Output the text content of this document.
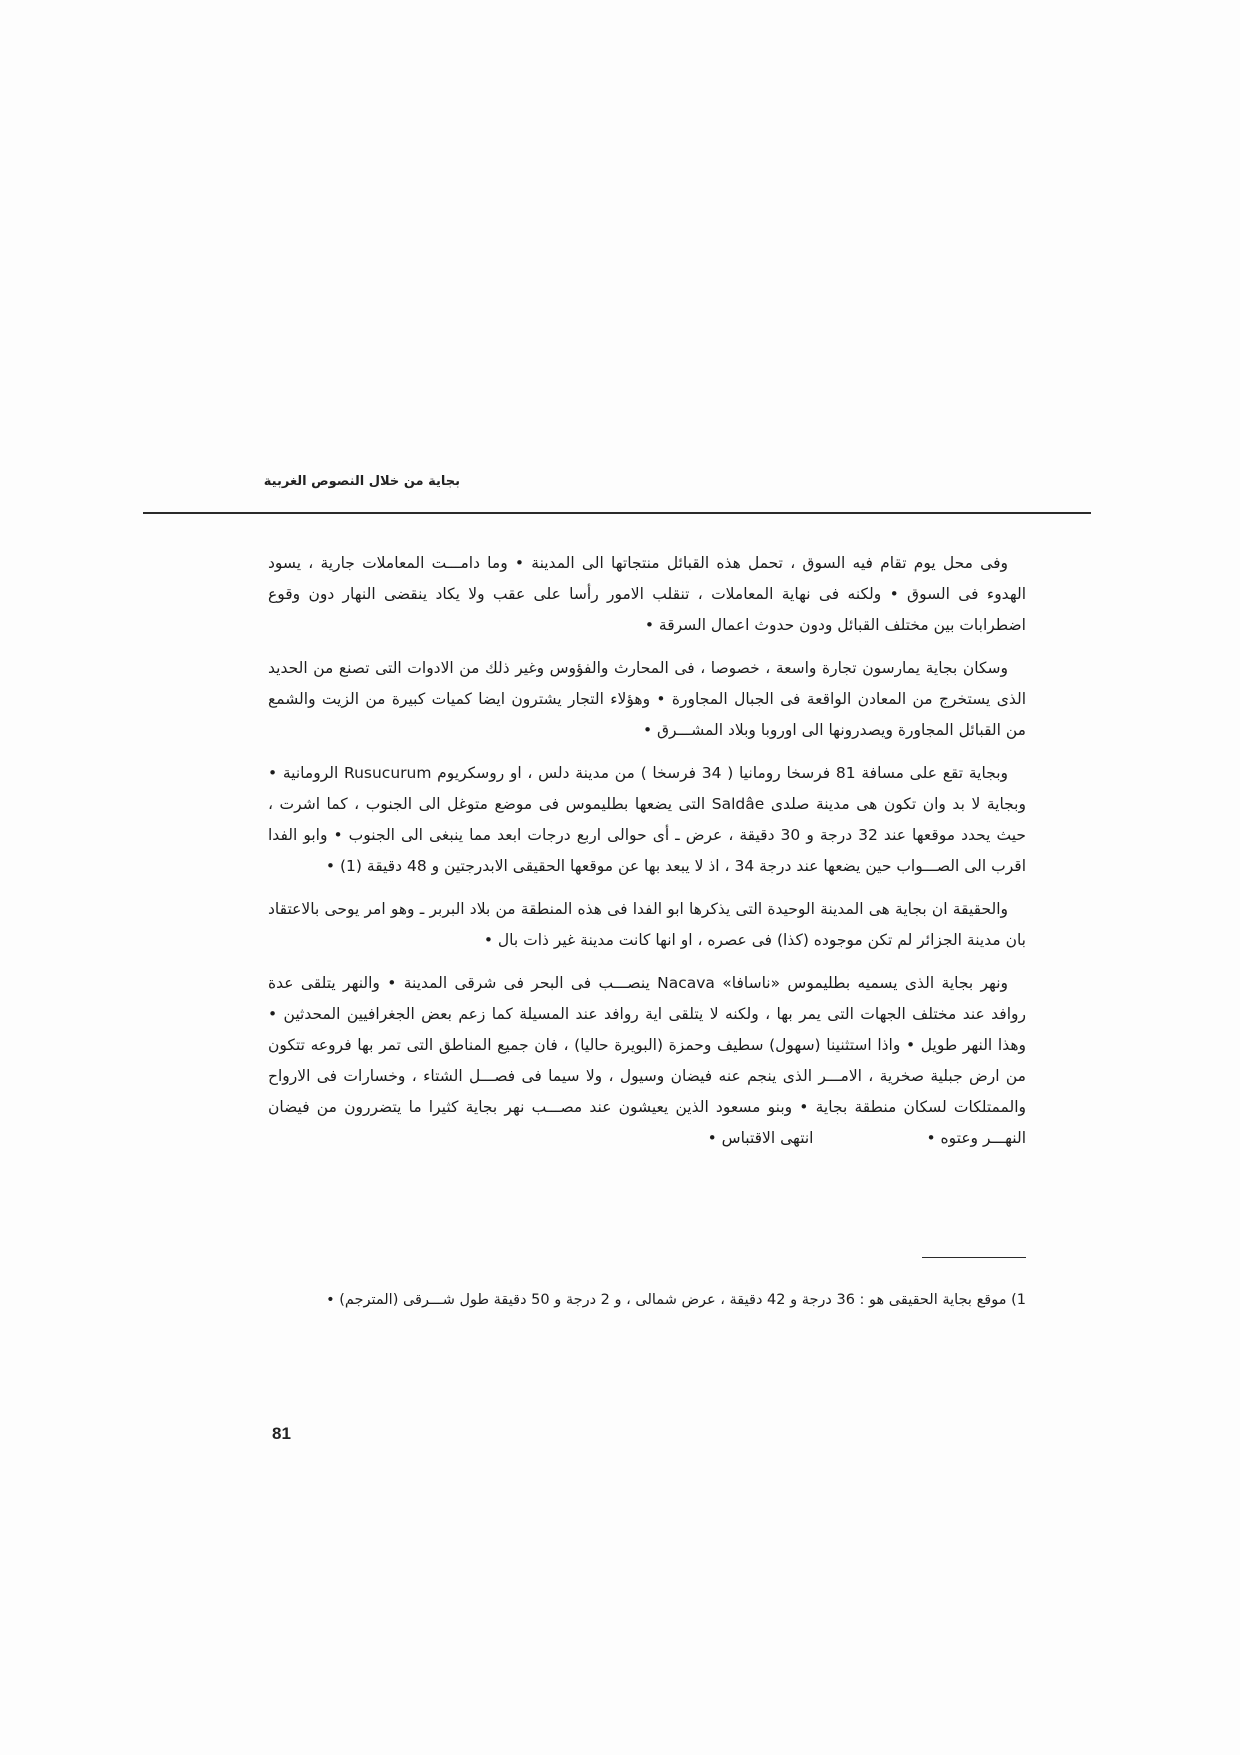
بجاية من خلال النصوص الغربية

وفى محل يوم تقام فيه السوق ، تحمل هذه القبائل منتجاتها الى المدينة • وما دامـــت المعاملات جارية ، يسود الهدوء فى السوق • ولكنه فى نهاية المعاملات ، تنقلب الامور رأسا على عقب ولا يكاد ينقضى النهار دون وقوع اضطرابات بين مختلف القبائل ودون حدوث اعمال السرقة •

وسكان بجاية يمارسون تجارة واسعة ، خصوصا ، فى المحارث والفؤوس وغير ذلك من الادوات التى تصنع من الحديد الذى يستخرج من المعادن الواقعة فى الجبال المجاورة • وهؤلاء التجار يشترون ايضا كميات كبيرة من الزيت والشمع من القبائل المجاورة ويصدرونها الى اوروبا وبلاد المشـــرق •

وبجاية تقع على مسافة 81 فرسخا رومانيا ( 34 فرسخا ) من مدينة دلس ، او روسكريوم Rusucurum الرومانية • وبجاية لا بد وان تكون هى مدينة صلدى Saldâe التى يضعها بطليموس فى موضع متوغل الى الجنوب ، كما اشرت ، حيث يحدد موقعها عند 32 درجة و 30 دقيقة ، عرض ـ أى حوالى اربع درجات ابعد مما ينبغى الى الجنوب • وابو الفدا اقرب الى الصـــواب حين يضعها عند درجة 34 ، اذ لا يبعد بها عن موقعها الحقيقى الابدرجتين و 48 دقيقة (1) •

والحقيقة ان بجاية هى المدينة الوحيدة التى يذكرها ابو الفدا فى هذه المنطقة من بلاد البربر ـ وهو امر يوحى بالاعتقاد بان مدينة الجزائر لم تكن موجوده (كذا) فى عصره ، او انها كانت مدينة غير ذات بال •

ونهر بجاية الذى يسميه بطليموس «ناسافا» Nacava ينصـــب فى البحر فى شرقى المدينة • والنهر يتلقى عدة روافد عند مختلف الجهات التى يمر بها ، ولكنه لا يتلقى اية روافد عند المسيلة كما زعم بعض الجغرافيين المحدثين • وهذا النهر طويل • واذا استثنينا (سهول) سطيف وحمزة (البويرة حاليا) ، فان جميع المناطق التى تمر بها فروعه تتكون من ارض جبلية صخرية ، الامـــر الذى ينجم عنه فيضان وسيول ، ولا سيما فى فصـــل الشتاء ، وخسارات فى الارواح والممتلكات لسكان منطقة بجاية • وبنو مسعود الذين يعيشون عند مصـــب نهر بجاية كثيرا ما يتضررون من فيضان النهـــر وعتوه • انتهى الاقتباس •

1) موقع بجاية الحقيقى هو : 36 درجة و 42 دقيقة ، عرض شمالى ، و 2 درجة و 50 دقيقة طول شـــرقى (المترجم) •

81
